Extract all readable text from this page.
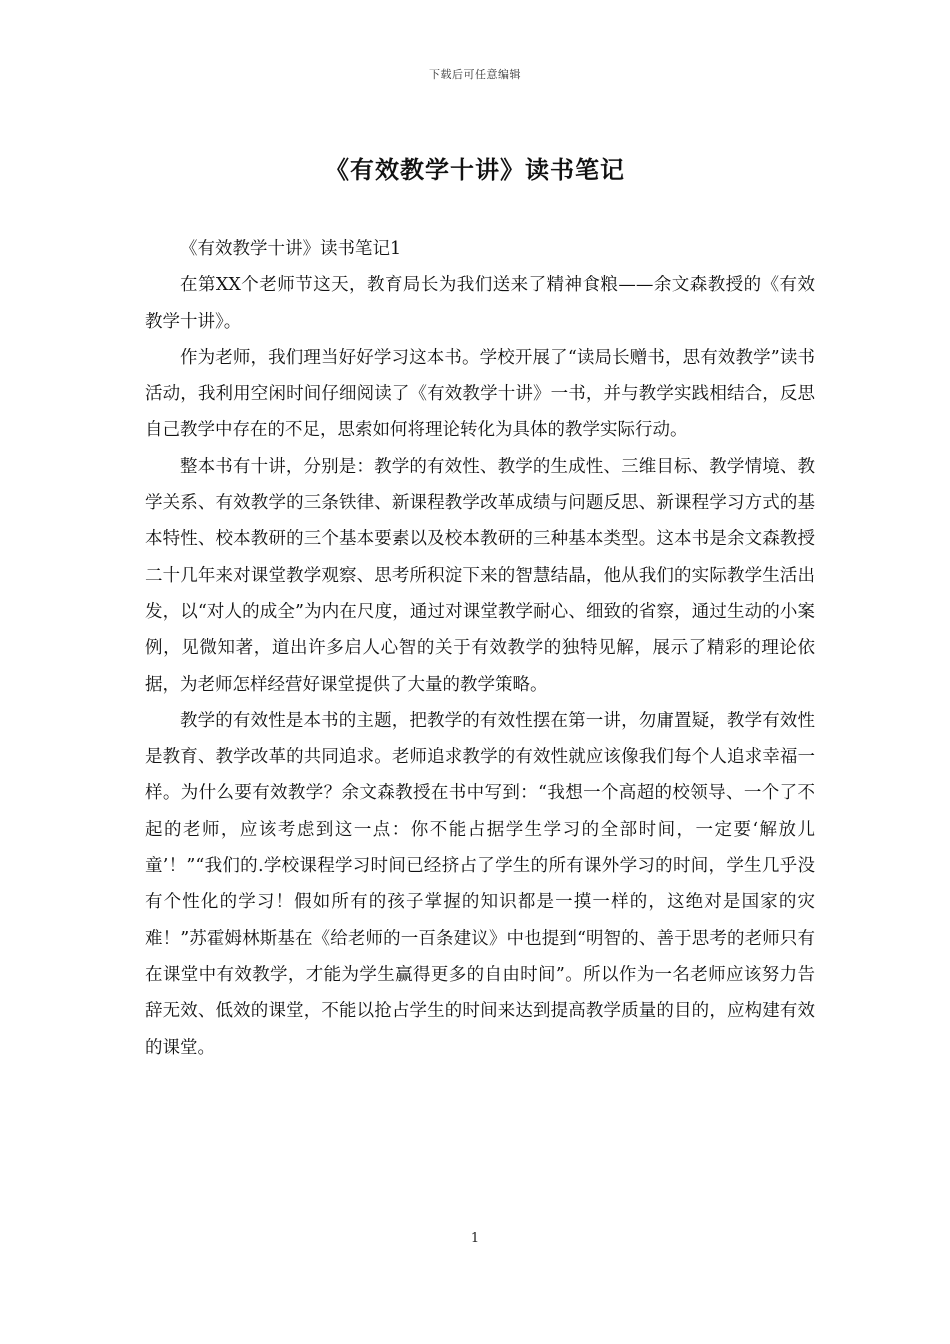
下载后可任意编辑
《有效教学十讲》读书笔记

《有效教学十讲》读书笔记1

在第XX个老师节这天，教育局长为我们送来了精神食粮——余文森教授的《有效教学十讲》。

作为老师，我们理当好好学习这本书。学校开展了“读局长赠书，思有效教学”读书活动，我利用空闲时间仔细阅读了《有效教学十讲》一书，并与教学实践相结合，反思自己教学中存在的不足，思索如何将理论转化为具体的教学实际行动。

整本书有十讲，分别是：教学的有效性、教学的生成性、三维目标、教学情境、教学关系、有效教学的三条铁律、新课程教学改革成绩与问题反思、新课程学习方式的基本特性、校本教研的三个基本要素以及校本教研的三种基本类型。这本书是余文森教授二十几年来对课堂教学观察、思考所积淀下来的智慧结晶，他从我们的实际教学生活出发，以“对人的成全”为内在尺度，通过对课堂教学耐心、细致的省察，通过生动的小案例，见微知著，道出许多启人心智的关于有效教学的独特见解，展示了精彩的理论依据，为老师怎样经营好课堂提供了大量的教学策略。

教学的有效性是本书的主题，把教学的有效性摆在第一讲，勿庸置疑，教学有效性是教育、教学改革的共同追求。老师追求教学的有效性就应该像我们每个人追求幸福一样。为什么要有效教学？余文森教授在书中写到：“我想一个高超的校领导、一个了不起的老师，应该考虑到这一点：你不能占据学生学习的全部时间，一定要‘解放儿童’！”“我们的.学校课程学习时间已经挤占了学生的所有课外学习的时间，学生几乎没有个性化的学习！假如所有的孩子掌握的知识都是一摸一样的，这绝对是国家的灾难！”苏霍姆林斯基在《给老师的一百条建议》中也提到“明智的、善于思考的老师只有在课堂中有效教学，才能为学生赢得更多的自由时间”。所以作为一名老师应该努力告辞无效、低效的课堂，不能以抢占学生的时间来达到提高教学质量的目的，应构建有效的课堂。

1
